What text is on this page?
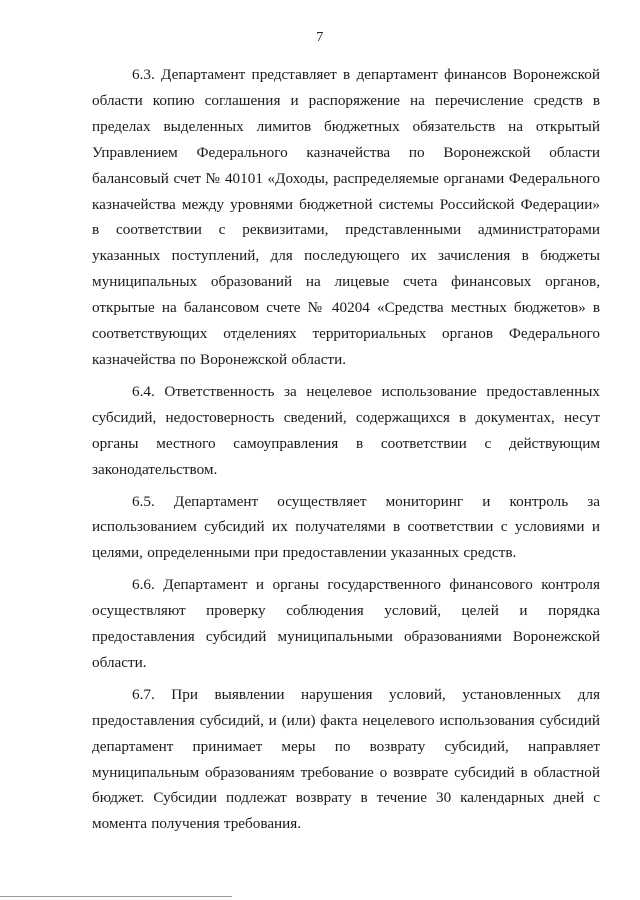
7

6.3. Департамент представляет в департамент финансов Воронежской области копию соглашения и распоряжение на перечисление средств в пределах выделенных лимитов бюджетных обязательств на открытый Управлением Федерального казначейства по Воронежской области балансовый счет № 40101 «Доходы, распределяемые органами Федерального казначейства между уровнями бюджетной системы Российской Федерации» в соответствии с реквизитами, представленными администраторами указанных поступлений, для последующего их зачисления в бюджеты муниципальных образований на лицевые счета финансовых органов, открытые на балансовом счете № 40204 «Средства местных бюджетов» в соответствующих отделениях территориальных органов Федерального казначейства по Воронежской области.

6.4. Ответственность за нецелевое использование предоставленных субсидий, недостоверность сведений, содержащихся в документах, несут органы местного самоуправления в соответствии с действующим законодательством.

6.5. Департамент осуществляет мониторинг и контроль за использованием субсидий их получателями в соответствии с условиями и целями, определенными при предоставлении указанных средств.

6.6. Департамент и органы государственного финансового контроля осуществляют проверку соблюдения условий, целей и порядка предоставления субсидий муниципальными образованиями Воронежской области.

6.7. При выявлении нарушения условий, установленных для предоставления субсидий, и (или) факта нецелевого использования субсидий департамент принимает меры по возврату субсидий, направляет муниципальным образованиям требование о возврате субсидий в областной бюджет. Субсидии подлежат возврату в течение 30 календарных дней с момента получения требования.
